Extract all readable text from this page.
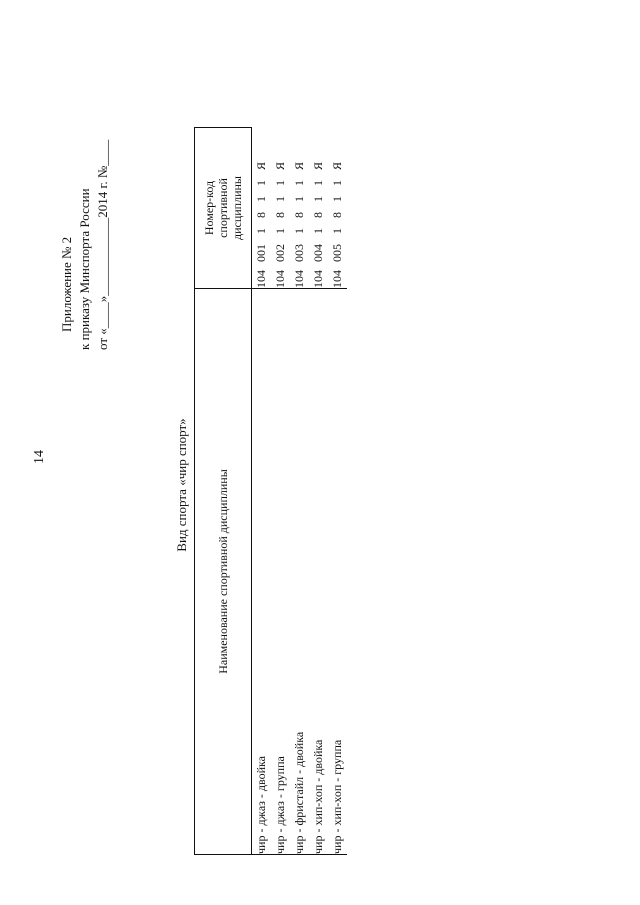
14
Приложение № 2 к приказу Минспорта России от «____»____________2014 г. №____
Вид спорта «чир спорт» Наименование спортивной дисциплины	Номер-код спортивной дисциплины
чир - джаз - двойка	1040011811Я
чир - джаз - группа	1040021811Я
чир - фристайл - двойка	1040031811Я
чир - хип-хоп - двойка	1040041811Я
чир - хип-хоп - группа	1040051811Я
